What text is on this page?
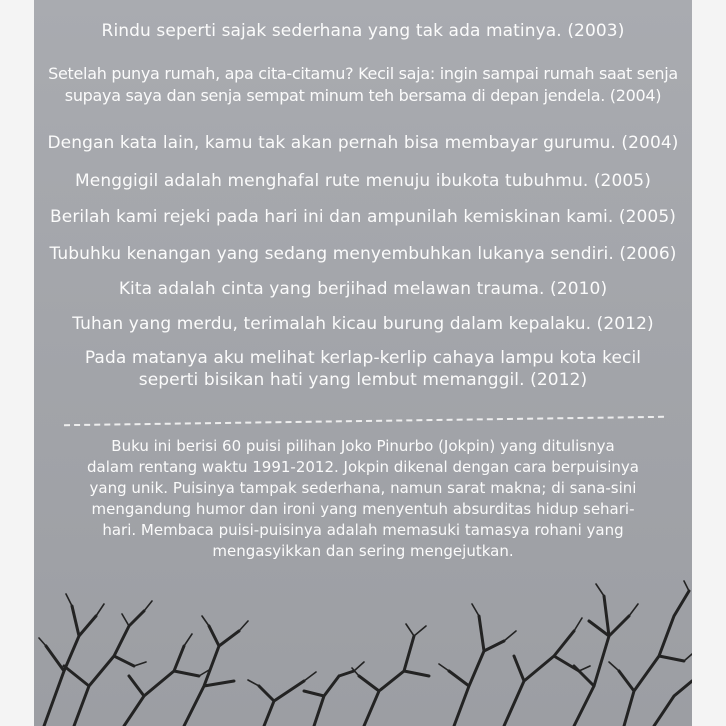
Rindu seperti sajak sederhana yang tak ada matinya. (2003)
Setelah punya rumah, apa cita-citamu? Kecil saja: ingin sampai rumah saat senja
supaya saya dan senja sempat minum teh bersama di depan jendela. (2004)
Dengan kata lain, kamu tak akan pernah bisa membayar gurumu. (2004)
Menggigil adalah menghafal rute menuju ibukota tubuhmu. (2005)
Berilah kami rejeki pada hari ini dan ampunilah kemiskinan kami. (2005)
Tubuhku kenangan yang sedang menyembuhkan lukanya sendiri. (2006)
Kita adalah cinta yang berjihad melawan trauma. (2010)
Tuhan yang merdu, terimalah kicau burung dalam kepalaku. (2012)
Pada matanya aku melihat kerlap-kerlip cahaya lampu kota kecil
seperti bisikan hati yang lembut memanggil. (2012)
Buku ini berisi 60 puisi pilihan Joko Pinurbo (Jokpin) yang ditulisnya
dalam rentang waktu 1991-2012. Jokpin dikenal dengan cara berpuisinya
yang unik. Puisinya tampak sederhana, namun sarat makna; di sana-sini
mengandung humor dan ironi yang menyentuh absurditas hidup sehari-
hari. Membaca puisi-puisinya adalah memasuki tamasya rohani yang
mengasyikkan dan sering mengejutkan.
